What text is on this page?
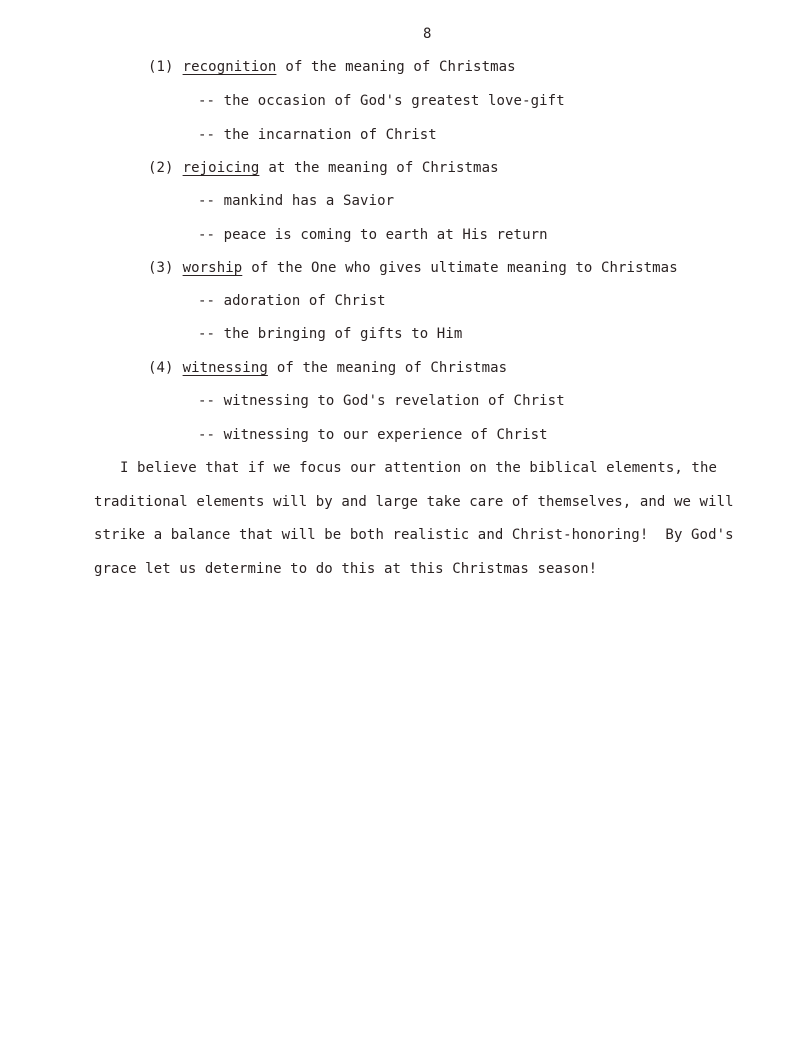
8
(1) recognition of the meaning of Christmas
-- the occasion of God's greatest love-gift
-- the incarnation of Christ
(2) rejoicing at the meaning of Christmas
-- mankind has a Savior
-- peace is coming to earth at His return
(3) worship of the One who gives ultimate meaning to Christmas
-- adoration of Christ
-- the bringing of gifts to Him
(4) witnessing of the meaning of Christmas
-- witnessing to God's revelation of Christ
-- witnessing to our experience of Christ
I believe that if we focus our attention on the biblical elements, the
traditional elements will by and large take care of themselves, and we will
strike a balance that will be both realistic and Christ-honoring!  By God's
grace let us determine to do this at this Christmas season!
